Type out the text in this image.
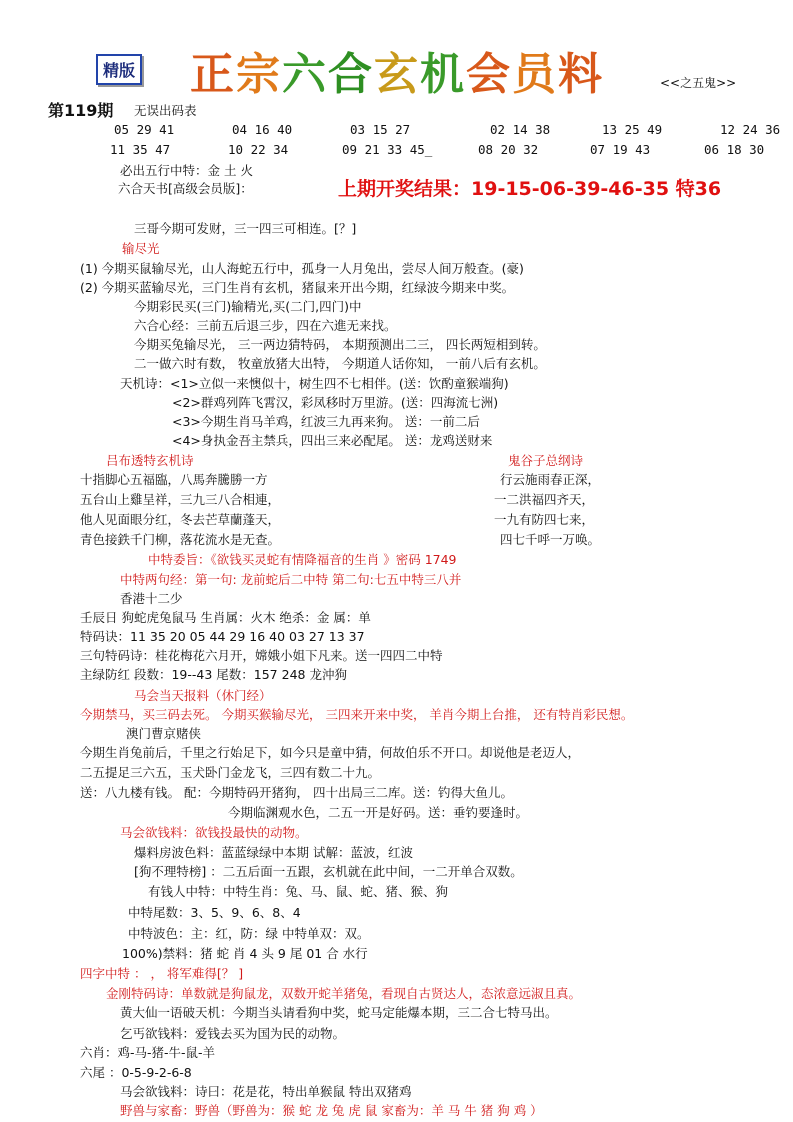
精版 正宗六合玄机会员料	<<之五鬼>>
第119期 无误出码表
05 29 41	04 16 40	03 15 27	02 14 38	13 25 49	12 24 36
11 35 47	10 22 34	09 21 33 45_	08 20 32	07 19 43	06 18 30
上期开奖结果：19-15-06-39-46-35 特36
必出五行中特：金 土 火
六合天书[高级会员版]：
三哥今期可发财，三一四三可相连。[？]
输尽光
(1) 今期买鼠输尽光，山人海蛇五行中，孤身一人月兔出，尝尽人间万般查。(豪)
(2) 今期买蓝输尽光，三门生肖有玄机，猪鼠来开出今期，红绿波今期来中奖。
今期彩民买(三门)输精光,买(二门,四门)中
六合心经：三前五后退三步，四在六進无来找。
今期买兔输尽光， 三一两边猜特码， 本期预测出二三， 四长两短相到转。
二一做六时有数， 牧童放猪大出特， 今期道人话你知， 一前八后有玄机。
天机诗：<1>立似一来懊似十，树生四不七相伴。(送：饮酌童猴端狗)
<2>群鸡列阵飞霄汉，彩凤移时万里游。(送：四海流七洲)
<3>今期生肖马羊鸡，红波三九再来狗。 送：一前二后
<4>身执金吾主禁兵，四出三来必配尾。 送：龙鸡送财来
吕布透特玄机诗	鬼谷子总纲诗
十指脚心五福臨，八馬奔騰勝一方	行云施雨春正深，
五台山上雞呈祥，三九三八合相連，	一二洪福四齐天，
他人见面眼分红，冬去芒草蘭蓬天，	一九有防四七来，
青色接鉄千门柳，落花流水是无查。	四七千呼一万唤。
中特委旨：《欲钱买灵蛇有情降福音的生肖 》密码 1749
中特两句经：第一句: 龙前蛇后二中特 第二句:七五中特三八并
香港十二少
壬辰日 狗蛇虎兔鼠马 生肖属：火木 绝杀：金 属：单
特码诀：11 35 20 05 44 29 16 40 03 27 13 37
三句特码诗：桂花梅花六月开，嫦娥小姐下凡来。送一四四二中特
主绿防红 段数：19--43 尾数：157 248 龙沖狗
马会当天报料（休门经）
今期禁马，买三码去死。 今期买猴输尽光， 三四来开来中奖， 羊肖今期上台推， 还有特肖彩民想。
澳门曹京赌侠
今期生肖兔前后，千里之行始足下，如今只是童中猜，何故伯乐不开口。却说他是老迈人，
二五提足三六五，玉犬卧门金龙飞，三四有数二十九。
送：八九楼有钱。 配：今期特码开猪狗， 四十出局三二库。送：钓得大鱼儿。
今期临渊观水色，二五一开是好码。送：垂钓要逢时。
马会欲钱料：欲钱投最快的动物。
爆料房波色料：蓝蓝绿绿中本期 试解：蓝波，红波
[狗不理特榜] ：二五后面一五跟，玄机就在此中间，一二开单合双数。
有钱人中特：中特生肖：兔、马、鼠、蛇、猪、猴、狗
中特尾数：3、5、9、6、8、4
中特波色：主：红，防：绿 中特单双：双。
100%)禁料：猪 蛇 肖 4 头 9 尾 01 合 水行
四字中特 ： ， 将军难得[？ ]
金刚特码诗：单数就是狗鼠龙，双数开蛇羊猪兔，看现自古贤达人，态浓意远淑且真。
黄大仙一语破天机：今期当头请看狗中奖，蛇马定能爆本期，三二合七特马出。
乞丐欲钱料：爱钱去买为国为民的动物。
六肖：鸡-马-猪-牛-鼠-羊
六尾 ：0-5-9-2-6-8
马会欲钱料：诗曰：花是花，特出单猴鼠 特出双猪鸡
野兽与家畜：野兽（野兽为：猴 蛇 龙 兔 虎 鼠 家畜为：羊 马 牛 猪 狗 鸡 ）
